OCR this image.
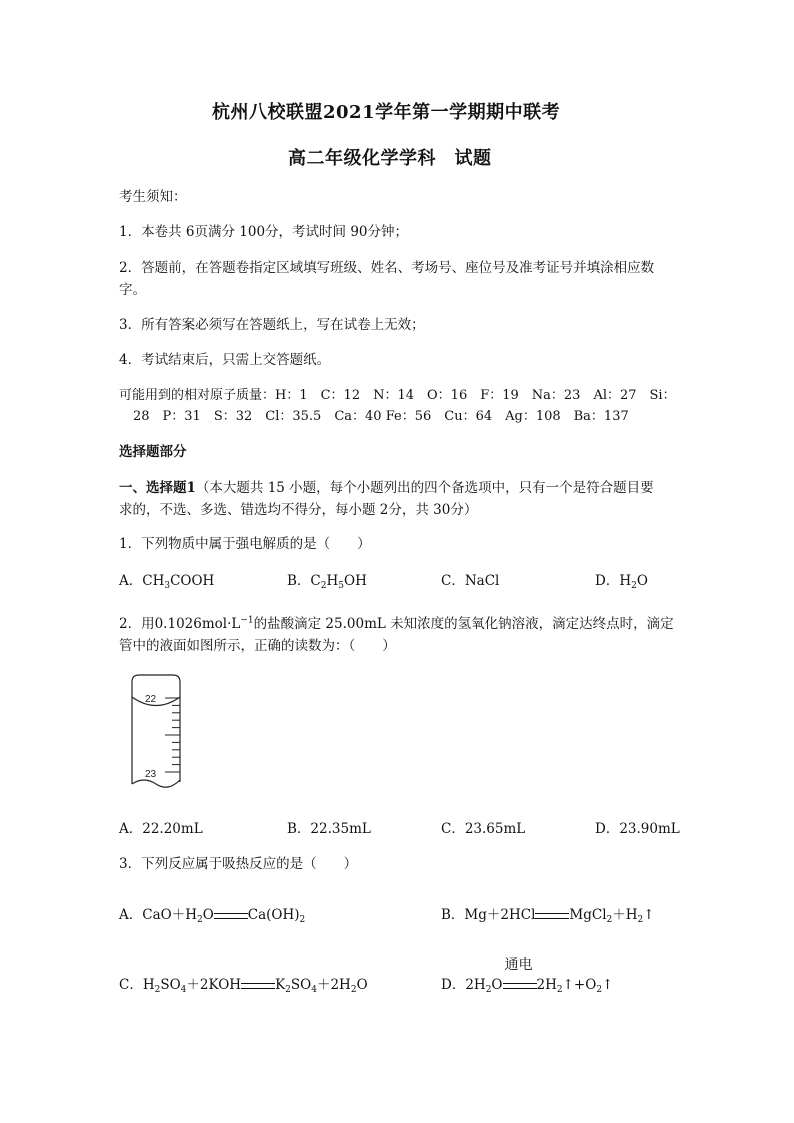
杭州八校联盟2021学年第一学期期中联考
高二年级化学学科　试题
考生须知：
1．本卷共 6页满分 100分，考试时间 90分钟；
2．答题前，在答题卷指定区域填写班级、姓名、考场号、座位号及准考证号并填涂相应数
字。
3．所有答案必须写在答题纸上，写在试卷上无效；
4．考试结束后，只需上交答题纸。
可能用到的相对原子质量：H：1　C：12　N：14　O：16　F：19　Na：23　Al：27　Si：
28　P：31　S：32　Cl：35.5　Ca：40 Fe：56　Cu：64　Ag：108　Ba：137
选择题部分
一、选择题1（本大题共 15 小题，每个小题列出的四个备选项中，只有一个是符合题目要
求的，不选、多选、错选均不得分，每小题 2分，共 30分）
1．下列物质中属于强电解质的是（　　）
A．$CH_3COOH$	B．$C_2H_5OH$	C．NaCl	D．$H_2O$
2．用$0.1026mol\cdot L^{-1}$的盐酸滴定 25.00mL 未知浓度的氢氧化钠溶液，滴定达终点时，滴定
管中的液面如图所示，正确的读数为：（　　）
22
23
A．22.20mL	B．22.35mL	C．23.65mL	D．23.90mL
3．下列反应属于吸热反应的是（　　）
A．$CaO+H_2O$	$Ca(OH)_2$	B．Mg＋2HCl	$MgCl_2+H_2↑$
C．$H_2SO_4+2KOH$	$K_2SO_4+2H_2O$	D．$2H_2O$
通电
$2H_2↑+O_2↑$
